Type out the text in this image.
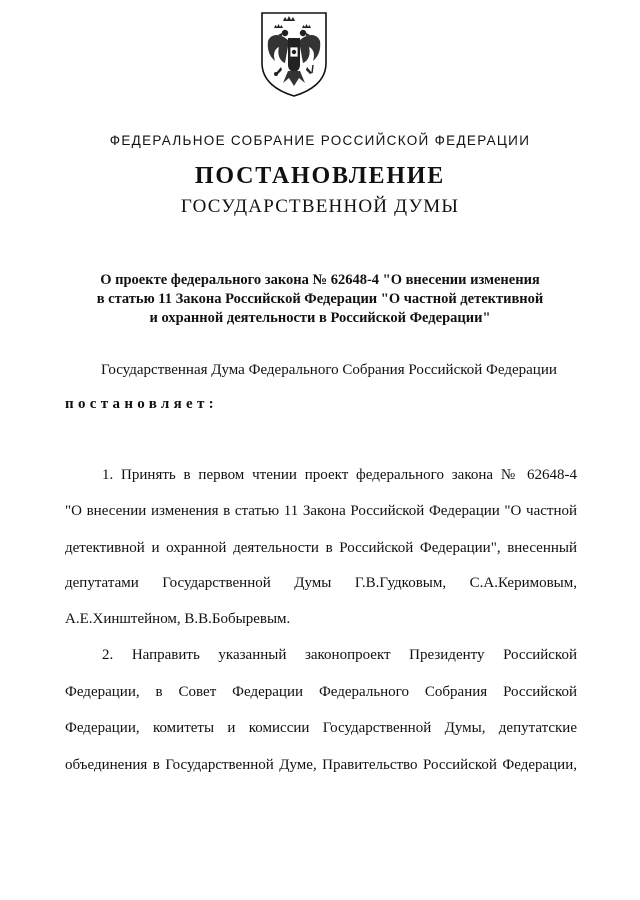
ФЕДЕРАЛЬНОЕ СОБРАНИЕ РОССИЙСКОЙ ФЕДЕРАЦИИ
ПОСТАНОВЛЕНИЕ
ГОСУДАРСТВЕННОЙ ДУМЫ
О проекте федерального закона № 62648-4 "О внесении изменения
в статью 11 Закона Российской Федерации "О частной детективной
и охранной деятельности в Российской Федерации"
Государственная Дума Федерального Собрания Российской Федерации
постановляет:
1. Принять в первом чтении проект федерального закона № 62648-4
"О внесении изменения в статью 11 Закона Российской Федерации "О частной
детективной и охранной деятельности в Российской Федерации", внесенный
депутатами Государственной Думы Г.В.Гудковым, С.А.Керимовым,
А.Е.Хинштейном, В.В.Бобыревым.
2. Направить указанный законопроект Президенту Российской
Федерации, в Совет Федерации Федерального Собрания Российской
Федерации, комитеты и комиссии Государственной Думы, депутатские
объединения в Государственной Думе, Правительство Российской Федерации,
